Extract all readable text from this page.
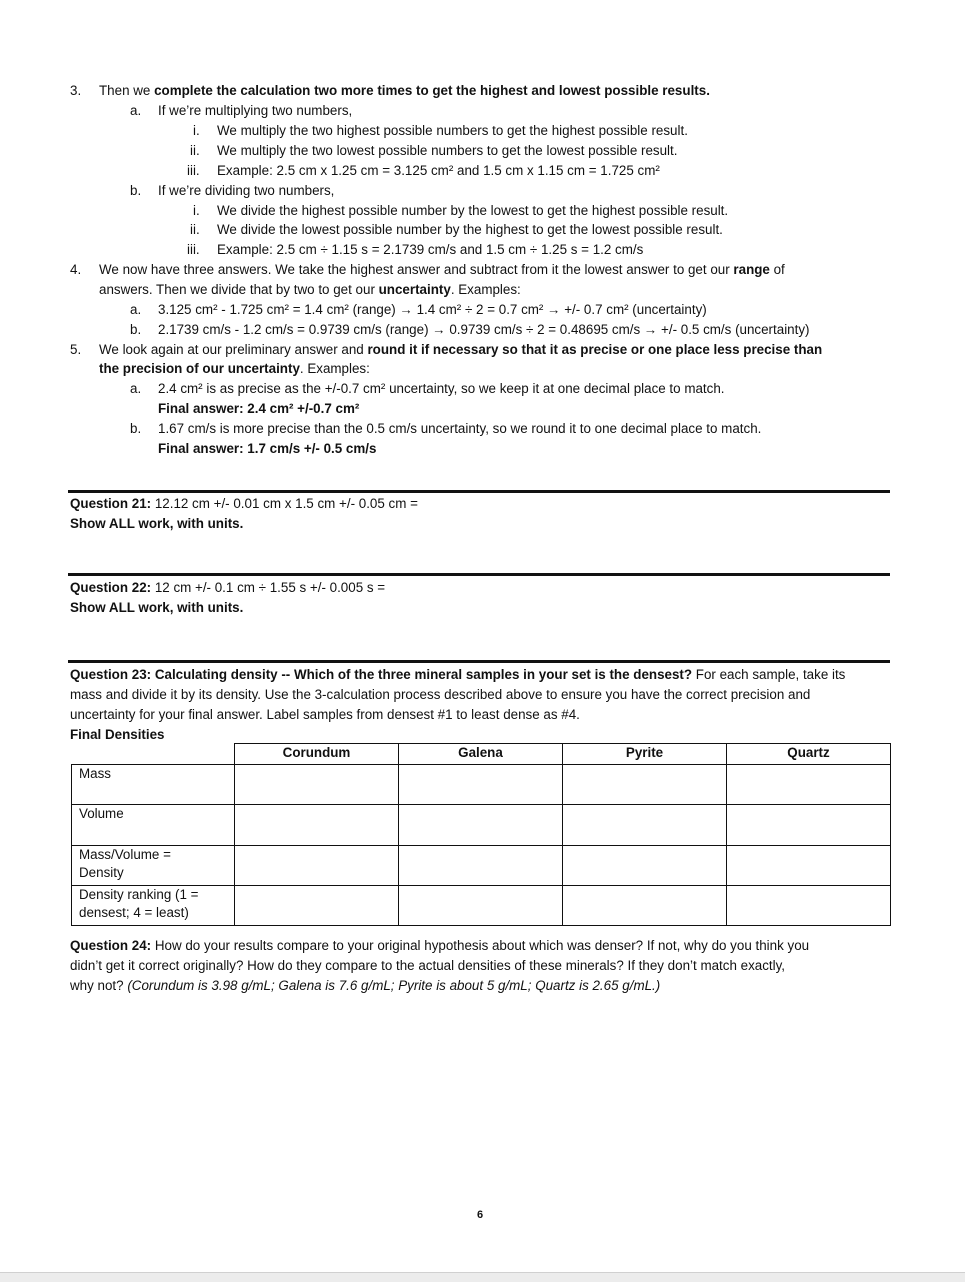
3. Then we complete the calculation two more times to get the highest and lowest possible results.
a. If we’re multiplying two numbers,
i. We multiply the two highest possible numbers to get the highest possible result.
ii. We multiply the two lowest possible numbers to get the lowest possible result.
iii. Example: 2.5 cm x 1.25 cm = 3.125 cm² and 1.5 cm x 1.15 cm = 1.725 cm²
b. If we’re dividing two numbers,
i. We divide the highest possible number by the lowest to get the highest possible result.
ii. We divide the lowest possible number by the highest to get the lowest possible result.
iii. Example: 2.5 cm ÷ 1.15 s = 2.1739 cm/s and 1.5 cm ÷ 1.25 s = 1.2 cm/s
4. We now have three answers. We take the highest answer and subtract from it the lowest answer to get our range of
answers. Then we divide that by two to get our uncertainty. Examples:
a. 3.125 cm² - 1.725 cm² = 1.4 cm² (range) → 1.4 cm² ÷ 2 = 0.7 cm² → +/- 0.7 cm² (uncertainty)
b. 2.1739 cm/s - 1.2 cm/s = 0.9739 cm/s (range) → 0.9739 cm/s ÷ 2 = 0.48695 cm/s → +/- 0.5 cm/s (uncertainty)
5. We look again at our preliminary answer and round it if necessary so that it as precise or one place less precise than
the precision of our uncertainty. Examples:
a. 2.4 cm² is as precise as the +/-0.7 cm² uncertainty, so we keep it at one decimal place to match.
Final answer: 2.4 cm² +/-0.7 cm²
b. 1.67 cm/s is more precise than the 0.5 cm/s uncertainty, so we round it to one decimal place to match.
Final answer: 1.7 cm/s +/- 0.5 cm/s
Question 21: 12.12 cm +/- 0.01 cm x 1.5 cm +/- 0.05 cm =
Show ALL work, with units.
Question 22: 12 cm +/- 0.1 cm ÷ 1.55 s +/- 0.005 s =
Show ALL work, with units.
Question 23: Calculating density -- Which of the three mineral samples in your set is the densest? For each sample, take its
mass and divide it by its density. Use the 3-calculation process described above to ensure you have the correct precision and
uncertainty for your final answer. Label samples from densest #1 to least dense as #4.
Final Densities
	Corundum	Galena	Pyrite	Quartz

Mass				

Volume				

Mass/Volume =
Density				

Density ranking (1 =
densest; 4 = least)				

Question 24: How do your results compare to your original hypothesis about which was denser? If not, why do you think you
didn’t get it correct originally? How do they compare to the actual densities of these minerals? If they don’t match exactly,
why not? (Corundum is 3.98 g/mL; Galena is 7.6 g/mL; Pyrite is about 5 g/mL; Quartz is 2.65 g/mL.)
6
